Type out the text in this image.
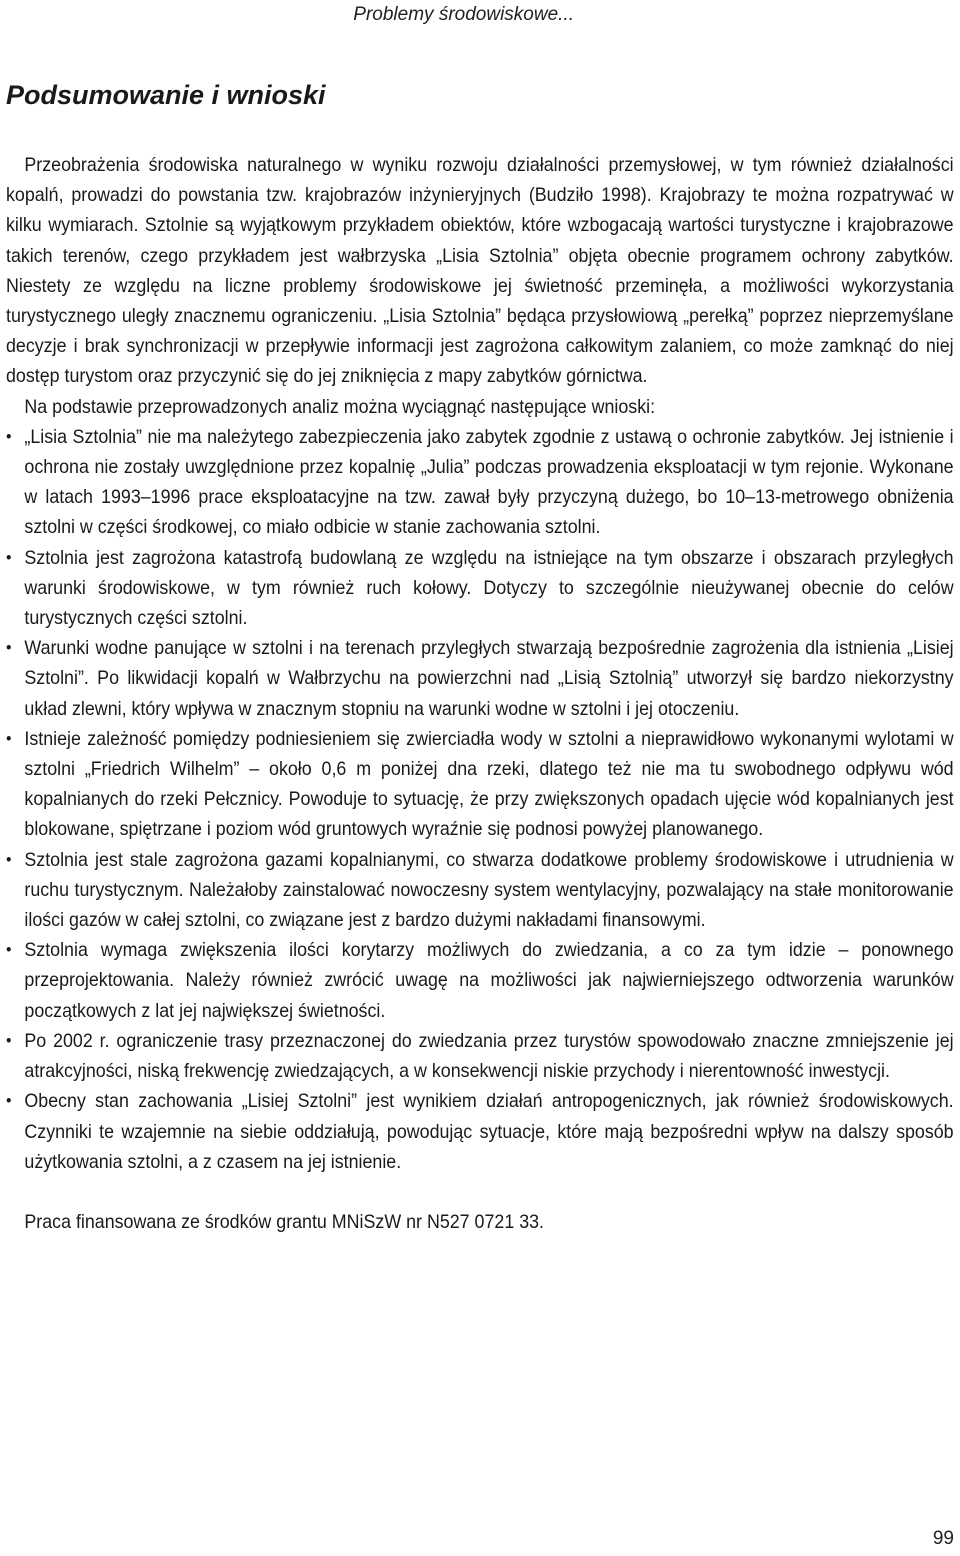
Problemy środowiskowe...
Podsumowanie i wnioski

Przeobrażenia środowiska naturalnego w wyniku rozwoju działalności przemysłowej, w tym również działalności kopalń, prowadzi do powstania tzw. krajobrazów inżynieryjnych (Budziło 1998). Krajobrazy te można rozpatrywać w kilku wymiarach. Sztolnie są wyjątkowym przykładem obiektów, które wzbogacają wartości turystyczne i krajobrazowe takich terenów, czego przykładem jest wałbrzyska „Lisia Sztolnia” objęta obecnie programem ochrony zabytków. Niestety ze względu na liczne problemy środowiskowe jej świetność przeminęła, a możliwości wykorzystania turystycznego uległy znacznemu ograniczeniu. „Lisia Sztolnia” będąca przysłowiową „perełką” poprzez nieprzemyślane decyzje i brak synchronizacji w przepływie informacji jest zagrożona całkowitym zalaniem, co może zamknąć do niej dostęp turystom oraz przyczynić się do jej zniknięcia z mapy zabytków górnictwa.

Na podstawie przeprowadzonych analiz można wyciągnąć następujące wnioski:

• „Lisia Sztolnia” nie ma należytego zabezpieczenia jako zabytek zgodnie z ustawą o ochronie zabytków. Jej istnienie i ochrona nie zostały uwzględnione przez kopalnię „Julia” podczas prowadzenia eksploatacji w tym rejonie. Wykonane w latach 1993–1996 prace eksploatacyjne na tzw. zawał były przyczyną dużego, bo 10–13-metrowego obniżenia sztolni w części środkowej, co miało odbicie w stanie zachowania sztolni.
• Sztolnia jest zagrożona katastrofą budowlaną ze względu na istniejące na tym obszarze i obszarach przyległych warunki środowiskowe, w tym również ruch kołowy. Dotyczy to szczególnie nieużywanej obecnie do celów turystycznych części sztolni.
• Warunki wodne panujące w sztolni i na terenach przyległych stwarzają bezpośrednie zagrożenia dla istnienia „Lisiej Sztolni”. Po likwidacji kopalń w Wałbrzychu na powierzchni nad „Lisią Sztolnią” utworzył się bardzo niekorzystny układ zlewni, który wpływa w znacznym stopniu na warunki wodne w sztolni i jej otoczeniu.
• Istnieje zależność pomiędzy podniesieniem się zwierciadła wody w sztolni a nieprawidłowo wykonanymi wylotami w sztolni „Friedrich Wilhelm” – około 0,6 m poniżej dna rzeki, dlatego też nie ma tu swobodnego odpływu wód kopalnianych do rzeki Pełcznicy. Powoduje to sytuację, że przy zwiększonych opadach ujęcie wód kopalnianych jest blokowane, spiętrzane i poziom wód gruntowych wyraźnie się podnosi powyżej planowanego.
• Sztolnia jest stale zagrożona gazami kopalnianymi, co stwarza dodatkowe problemy środowiskowe i utrudnienia w ruchu turystycznym. Należałoby zainstalować nowoczesny system wentylacyjny, pozwalający na stałe monitorowanie ilości gazów w całej sztolni, co związane jest z bardzo dużymi nakładami finansowymi.
• Sztolnia wymaga zwiększenia ilości korytarzy możliwych do zwiedzania, a co za tym idzie – ponownego przeprojektowania. Należy również zwrócić uwagę na możliwości jak najwierniejszego odtworzenia warunków początkowych z lat jej największej świetności.
• Po 2002 r. ograniczenie trasy przeznaczonej do zwiedzania przez turystów spowodowało znaczne zmniejszenie jej atrakcyjności, niską frekwencję zwiedzających, a w konsekwencji niskie przychody i nierentowność inwestycji.
• Obecny stan zachowania „Lisiej Sztolni” jest wynikiem działań antropogenicznych, jak również środowiskowych. Czynniki te wzajemnie na siebie oddziałują, powodując sytuacje, które mają bezpośredni wpływ na dalszy sposób użytkowania sztolni, a z czasem na jej istnienie.

Praca finansowana ze środków grantu MNiSzW nr N527 0721 33.

99
